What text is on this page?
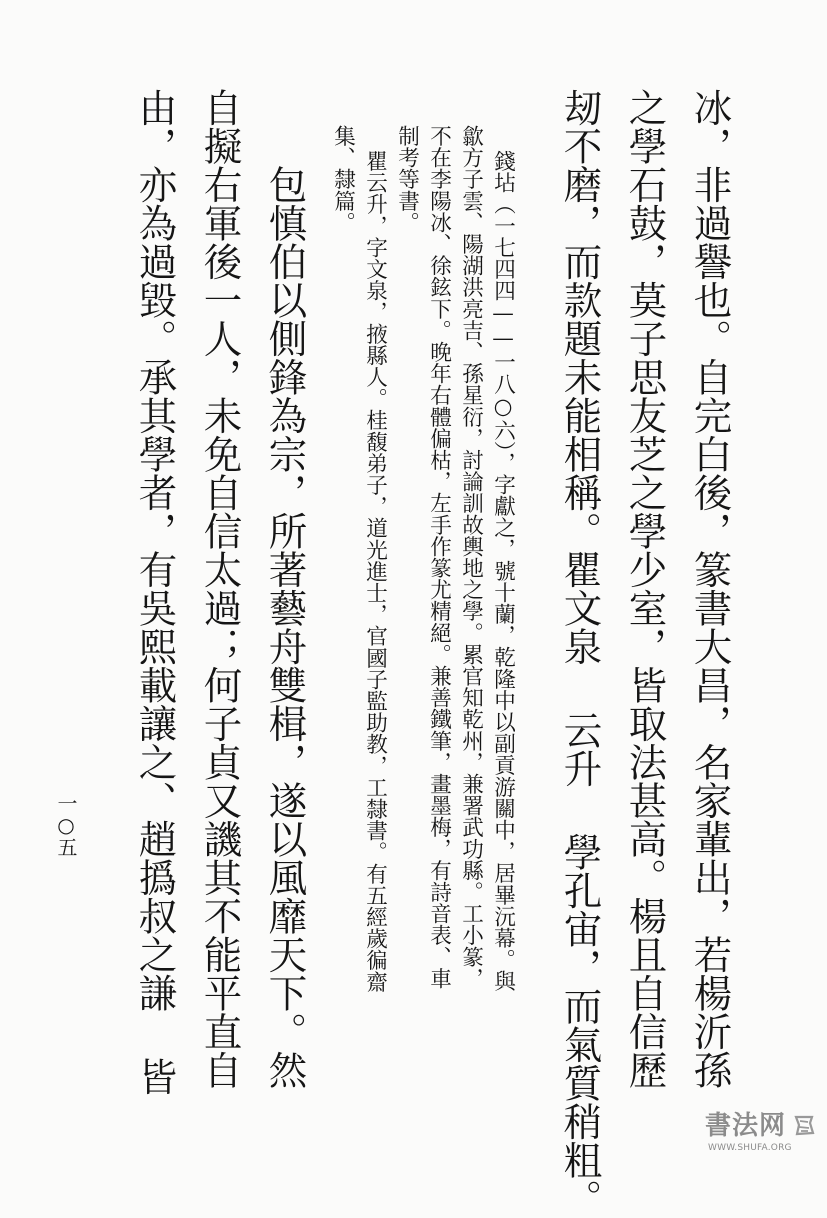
冰，非過譽也。自完白後，篆書大昌，名家輩出，若楊沂孫
之學石鼓，莫子思友芝之學少室，皆取法甚高。楊且自信歷
刼不磨，而款題未能相稱。瞿文泉 云升 學孔宙，而氣質稍粗。
錢坫（一七四四——一八○六），字獻之，號十蘭，乾隆中以副貢游關中，居畢沅幕。與
歙方子雲、陽湖洪亮吉、孫星衍，討論訓故輿地之學。累官知乾州，兼署武功縣。工小篆，
不在李陽冰、徐鉉下。晚年右體偏枯，左手作篆尤精絕。兼善鐵筆，畫墨梅，有詩音表、車
制考等書。
瞿云升，字文泉，掖縣人。桂馥弟子，道光進士，官國子監助教，工隸書。有五經歲徧齋
集、隸篇。
包慎伯以側鋒為宗，所著藝舟雙楫，遂以風靡天下。然
自擬右軍後一人，未免自信太過；何子貞又譏其不能平直自
由，亦為過毀。承其學者，有吳熙載讓之、趙撝叔之謙 皆
一○五
書法网
WWW.SHUFA.ORG
